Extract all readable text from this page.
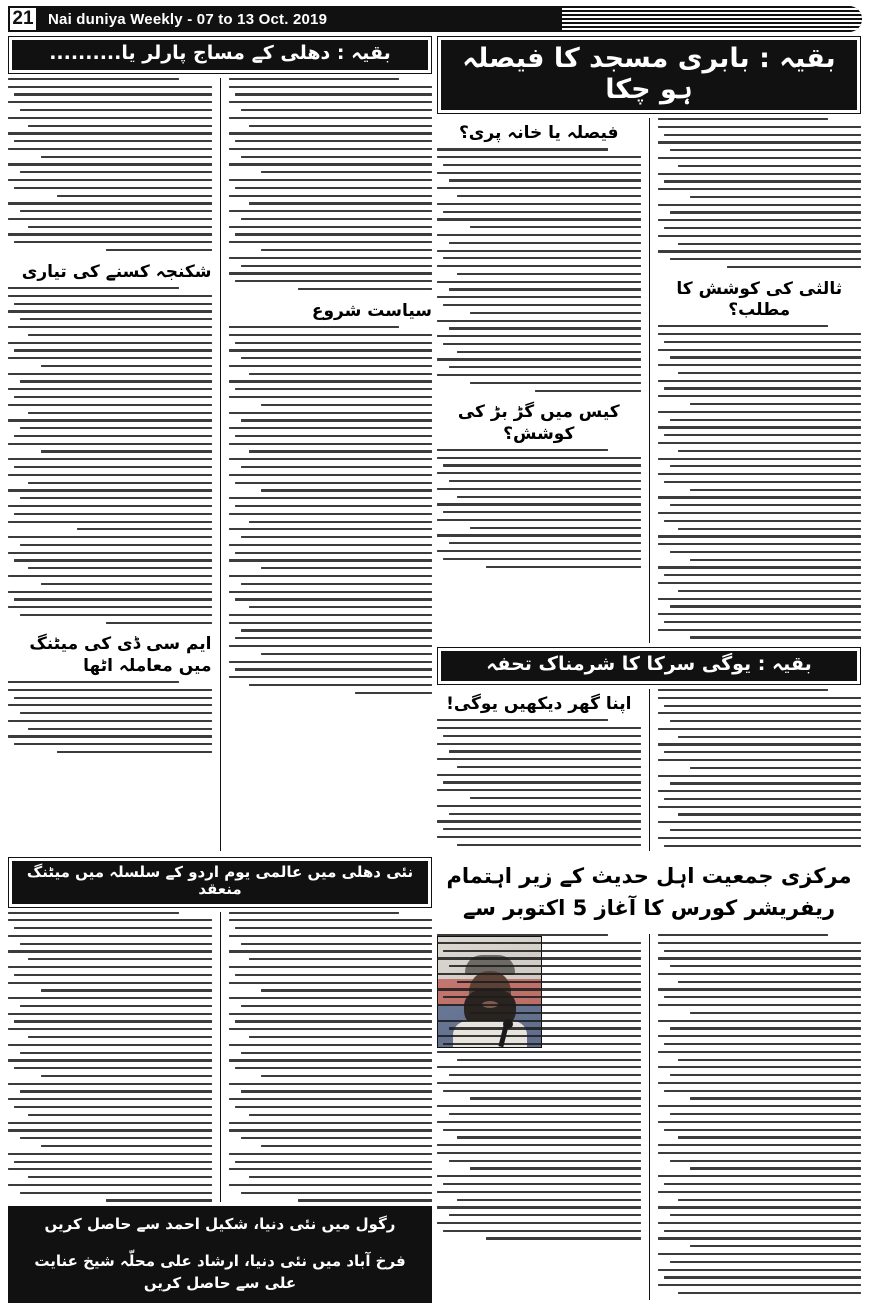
21 Nai duniya Weekly - 07 to 13 Oct. 2019
بقیہ : دھلی کے مساج پارلر یا..........
شکنجہ کسنے کی تیاری
ایم سی ڈی کی میٹنگ میں معاملہ اٹھا
سیاست شروع
بقیہ : بابری مسجد کا فیصلہ ہو چکا
فیصلہ یا خانہ پری؟
کیس میں گڑ بڑ کی کوشش؟
ثالثی کی کوشش کا مطلب؟
بقیہ : یوگی سرکا کا شرمناک تحفہ
اپنا گھر دیکھیں یوگی!
نئی دھلی میں عالمی یوم اردو کے سلسلہ میں میٹنگ منعقد
رگول میں نئی دنیا، شکیل احمد سے حاصل کریں
فرخ آباد میں نئی دنیا، ارشاد علی محلّہ شیخ عنایت علی سے حاصل کریں
مرکزی جمعیت اہل حدیث کے زیر اہتمام
ریفریشر کورس کا آغاز 5 اکتوبر سے
